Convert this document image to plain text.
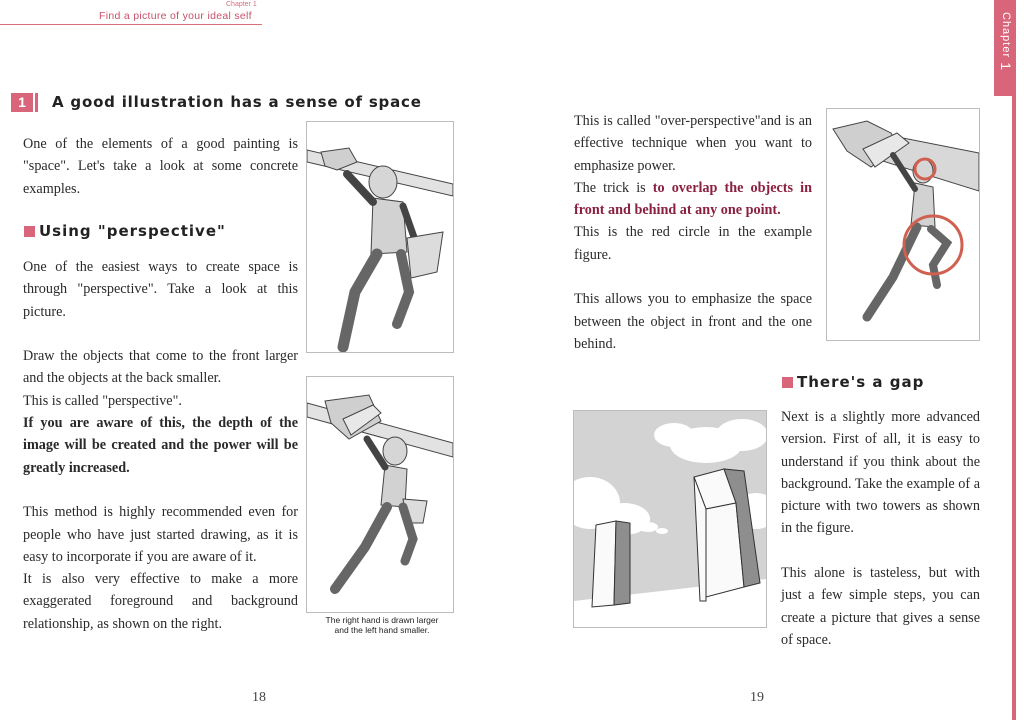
Chapter 1
Find a picture of your ideal self	Chapter 1
1	A good illustration has a sense of space

One of the elements of a good painting is "space". Let's take a look at some concrete examples.

Using "perspective"

One of the easiest ways to create space is through "perspective". Take a look at this picture.

Draw the objects that come to the front larger and the objects at the back smaller.

This is called "perspective".

If you are aware of this, the depth of the image will be created and the power will be greatly increased.

This method is highly recommended even for people who have just started drawing, as it is easy to incorporate if you are aware of it.

It is also very effective to make a more exaggerated foreground and background relationship, as shown on the right.	The right hand is drawn larger
and the left hand smaller.
18

This is called "over-perspective"and is an effective technique when you want to emphasize power.

The trick is to overlap the objects in front and behind at any one point.

This is the red circle in the example figure.

This allows you to emphasize the space between the object in front and the one behind.

There's a gap

Next is a slightly more advanced version. First of all, it is easy to understand if you think about the background. Take the example of a picture with two towers as shown in the figure.

This alone is tasteless, but with just a few simple steps, you can create a picture that gives a sense of space.

19
